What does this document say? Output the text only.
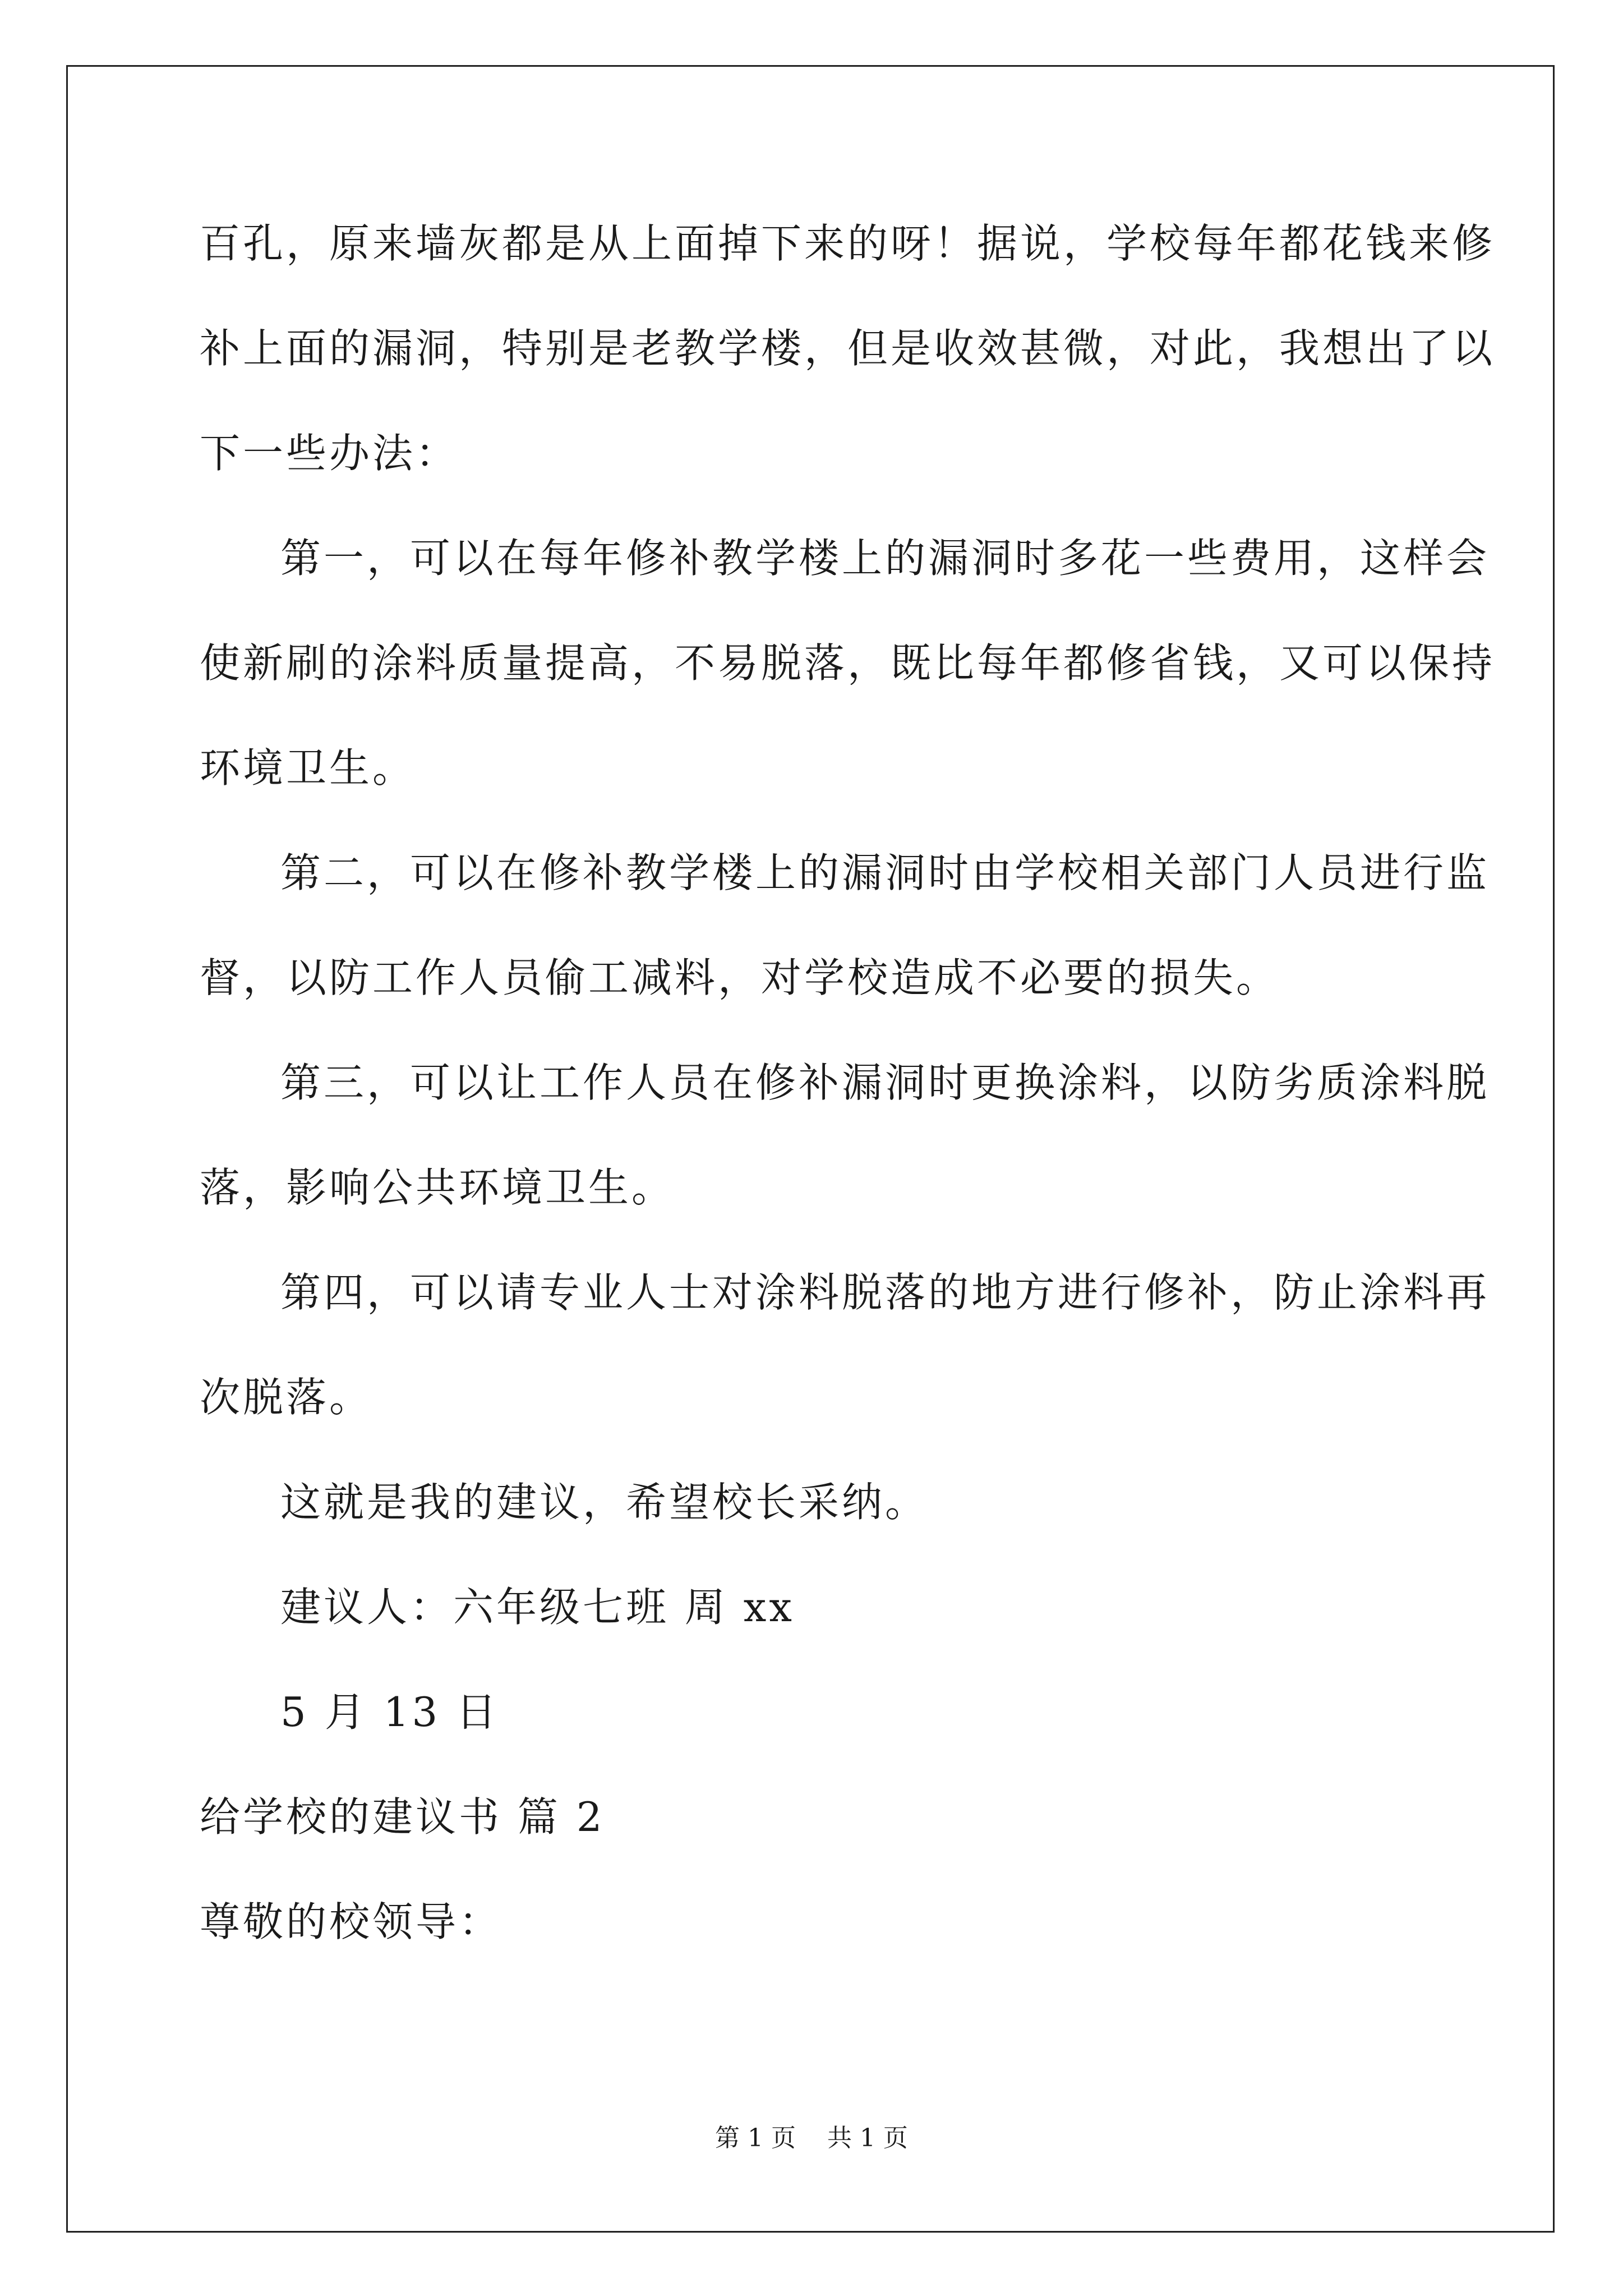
百孔，原来墙灰都是从上面掉下来的呀！据说，学校每年都花钱来修
补上面的漏洞，特别是老教学楼，但是收效甚微，对此，我想出了以
下一些办法：
第一，可以在每年修补教学楼上的漏洞时多花一些费用，这样会
使新刷的涂料质量提高，不易脱落，既比每年都修省钱，又可以保持
环境卫生。
第二，可以在修补教学楼上的漏洞时由学校相关部门人员进行监
督，以防工作人员偷工减料，对学校造成不必要的损失。
第三，可以让工作人员在修补漏洞时更换涂料，以防劣质涂料脱
落，影响公共环境卫生。
第四，可以请专业人士对涂料脱落的地方进行修补，防止涂料再
次脱落。
这就是我的建议，希望校长采纳。
建议人：六年级七班 周 xx
5 月 13 日
给学校的建议书 篇 2
尊敬的校领导：
第 1 页    共 1 页
